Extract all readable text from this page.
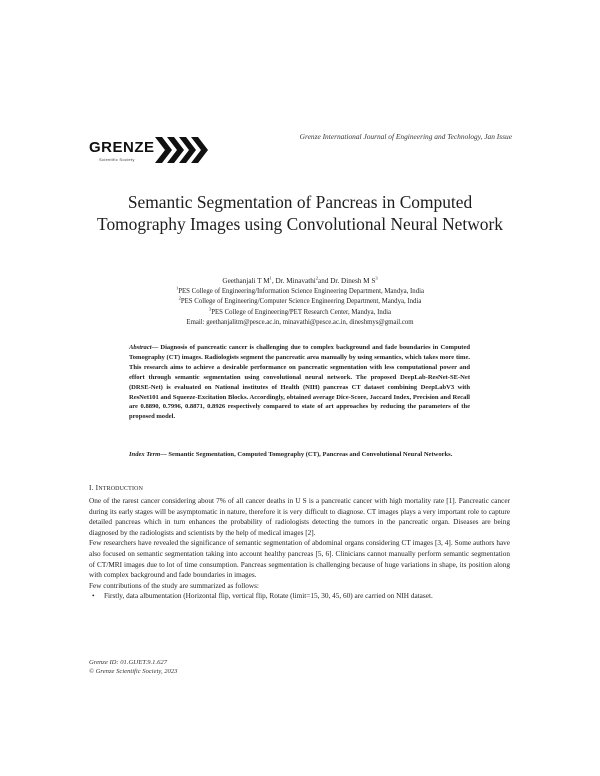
GRENZE
Scientific Society
Grenze International Journal of Engineering and Technology, Jan Issue
Semantic Segmentation of Pancreas in Computed Tomography Images using Convolutional Neural Network
Geethanjali T $M^1$, Dr. Minavathi$^2$and Dr. Dinesh M $S^3$
$^1$PES College of Engineering/Information Science Engineering Department, Mandya, India
$^2$PES College of Engineering/Computer Science Engineering Department, Mandya, India
$^3$PES College of Engineering/PET Research Center, Mandya, India
Email: geethanjalitm@pesce.ac.in, minavathi@pesce.ac.in, dineshmys@gmail.com
Abstract— Diagnosis of pancreatic cancer is challenging due to complex background and fade boundaries in Computed Tomography (CT) images. Radiologists segment the pancreatic area manually by using semantics, which takes more time. This research aims to achieve a desirable performance on pancreatic segmentation with less computational power and effort through semantic segmentation using convolutional neural network. The proposed DeepLab-ResNet-SE-Net (DRSE-Net) is evaluated on National institutes of Health (NIH) pancreas CT dataset combining DeepLabV3 with ResNet101 and Squeeze-Excitation Blocks. Accordingly, obtained average Dice-Score, Jaccard Index, Precision and Recall are 0.8890, 0.7996, 0.8871, 0.8926 respectively compared to state of art approaches by reducing the parameters of the proposed model.
Index Term— Semantic Segmentation, Computed Tomography (CT), Pancreas and Convolutional Neural Networks.
I. INTRODUCTION

One of the rarest cancer considering about 7% of all cancer deaths in U S is a pancreatic cancer with high mortality rate [1]. Pancreatic cancer during its early stages will be asymptomatic in nature, therefore it is very difficult to diagnose. CT images plays a very important role to capture detailed pancreas which in turn enhances the probability of radiologists detecting the tumors in the pancreatic organ. Diseases are being diagnosed by the radiologists and scientists by the help of medical images [2].

Few researchers have revealed the significance of semantic segmentation of abdominal organs considering CT images [3, 4]. Some authors have also focused on semantic segmentation taking into account healthy pancreas [5, 6]. Clinicians cannot manually perform semantic segmentation of CT/MRI images due to lot of time consumption. Pancreas segmentation is challenging because of huge variations in shape, its position along with complex background and fade boundaries in images.

Few contributions of the study are summarized as follows:

• Firstly, data albumentation (Horizontal flip, vertical flip, Rotate (limit=15, 30, 45, 60) are carried on NIH dataset.
Grenze ID: 01.GIJET.9.1.627
© Grenze Scientific Society, 2023
